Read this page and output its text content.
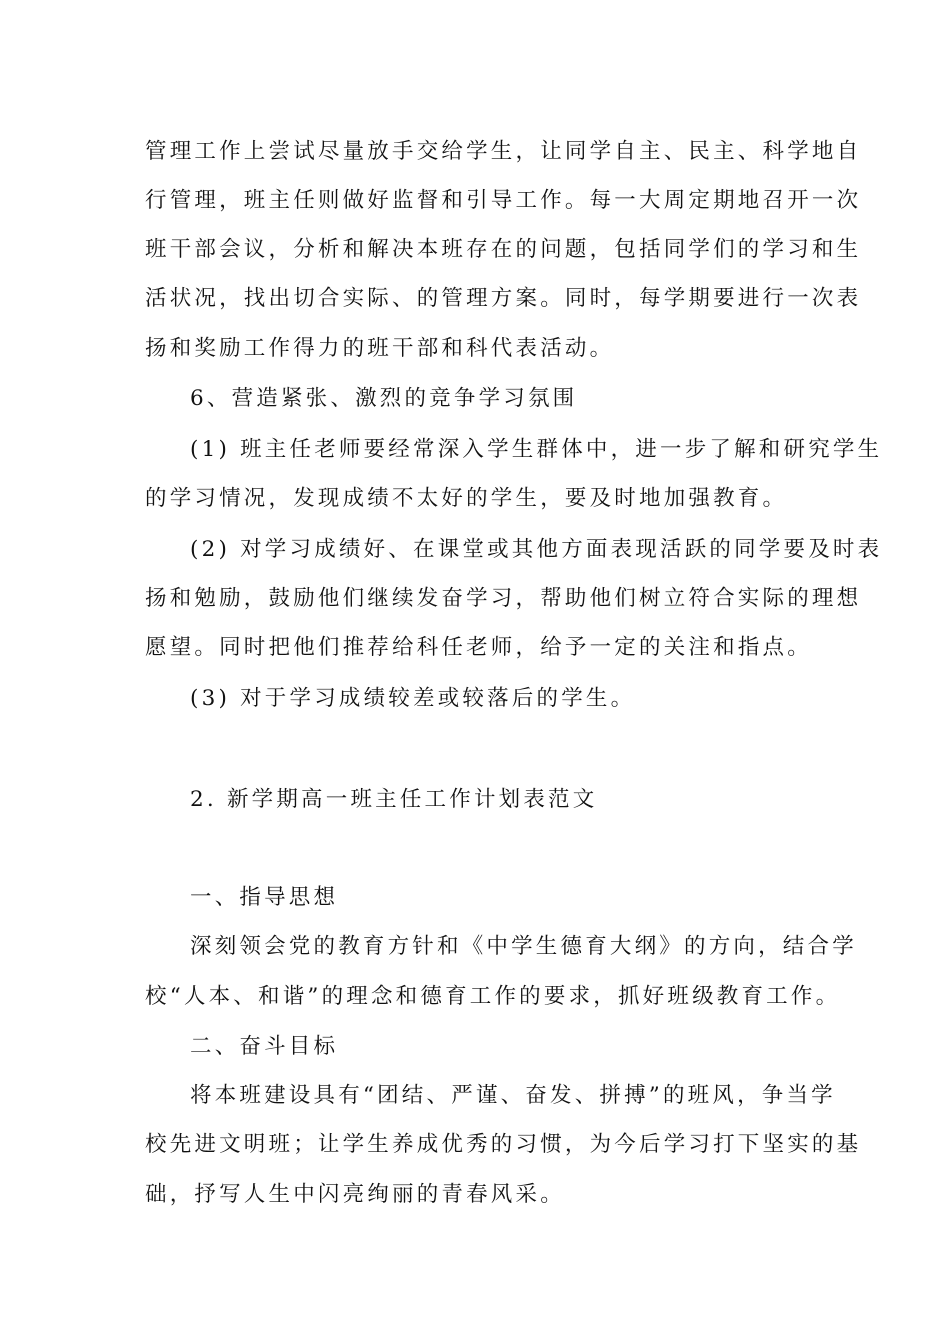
管理工作上尝试尽量放手交给学生，让同学自主、民主、科学地自

行管理，班主任则做好监督和引导工作。每一大周定期地召开一次

班干部会议，分析和解决本班存在的问题，包括同学们的学习和生

活状况，找出切合实际、的管理方案。同时，每学期要进行一次表

扬和奖励工作得力的班干部和科代表活动。

6、营造紧张、激烈的竞争学习氛围

(1) 班主任老师要经常深入学生群体中，进一步了解和研究学生

的学习情况，发现成绩不太好的学生，要及时地加强教育。

(2) 对学习成绩好、在课堂或其他方面表现活跃的同学要及时表

扬和勉励，鼓励他们继续发奋学习，帮助他们树立符合实际的理想

愿望。同时把他们推荐给科任老师，给予一定的关注和指点。

(3) 对于学习成绩较差或较落后的学生。

2. 新学期高一班主任工作计划表范文

一、指导思想

深刻领会党的教育方针和《中学生德育大纲》的方向，结合学

校“人本、和谐”的理念和德育工作的要求，抓好班级教育工作。

二、奋斗目标

将本班建设具有“团结、严谨、奋发、拼搏”的班风，争当学

校先进文明班；让学生养成优秀的习惯，为今后学习打下坚实的基

础，抒写人生中闪亮绚丽的青春风采。
